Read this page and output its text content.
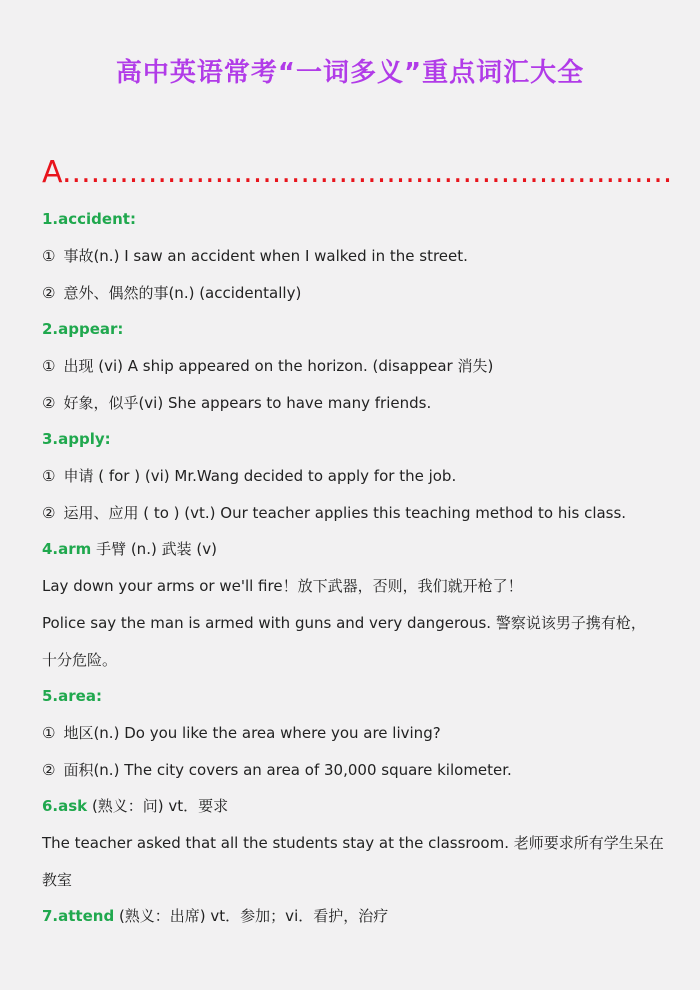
高中英语常考“一词多义”重点词汇大全
A................................................................
1.accident:
① 事故(n.) I saw an accident when I walked in the street.
② 意外、偶然的事(n.) (accidentally)
2.appear:
① 出现 (vi) A ship appeared on the horizon. (disappear 消失)
② 好象，似乎(vi) She appears to have many friends.
3.apply:
① 申请 ( for ) (vi) Mr.Wang decided to apply for the job.
② 运用、应用 ( to ) (vt.) Our teacher applies this teaching method to his class.
4.arm 手臂 (n.) 武装 (v)
Lay down your arms or we'll fire！放下武器，否则，我们就开枪了！
Police say the man is armed with guns and very dangerous. 警察说该男子携有枪，
十分危险。
5.area:
① 地区(n.) Do you like the area where you are living?
② 面积(n.) The city covers an area of 30,000 square kilometer.
6.ask (熟义：问) vt．要求
The teacher asked that all the students stay at the classroom. 老师要求所有学生呆在
教室
7.attend (熟义：出席) vt．参加；vi．看护，治疗
